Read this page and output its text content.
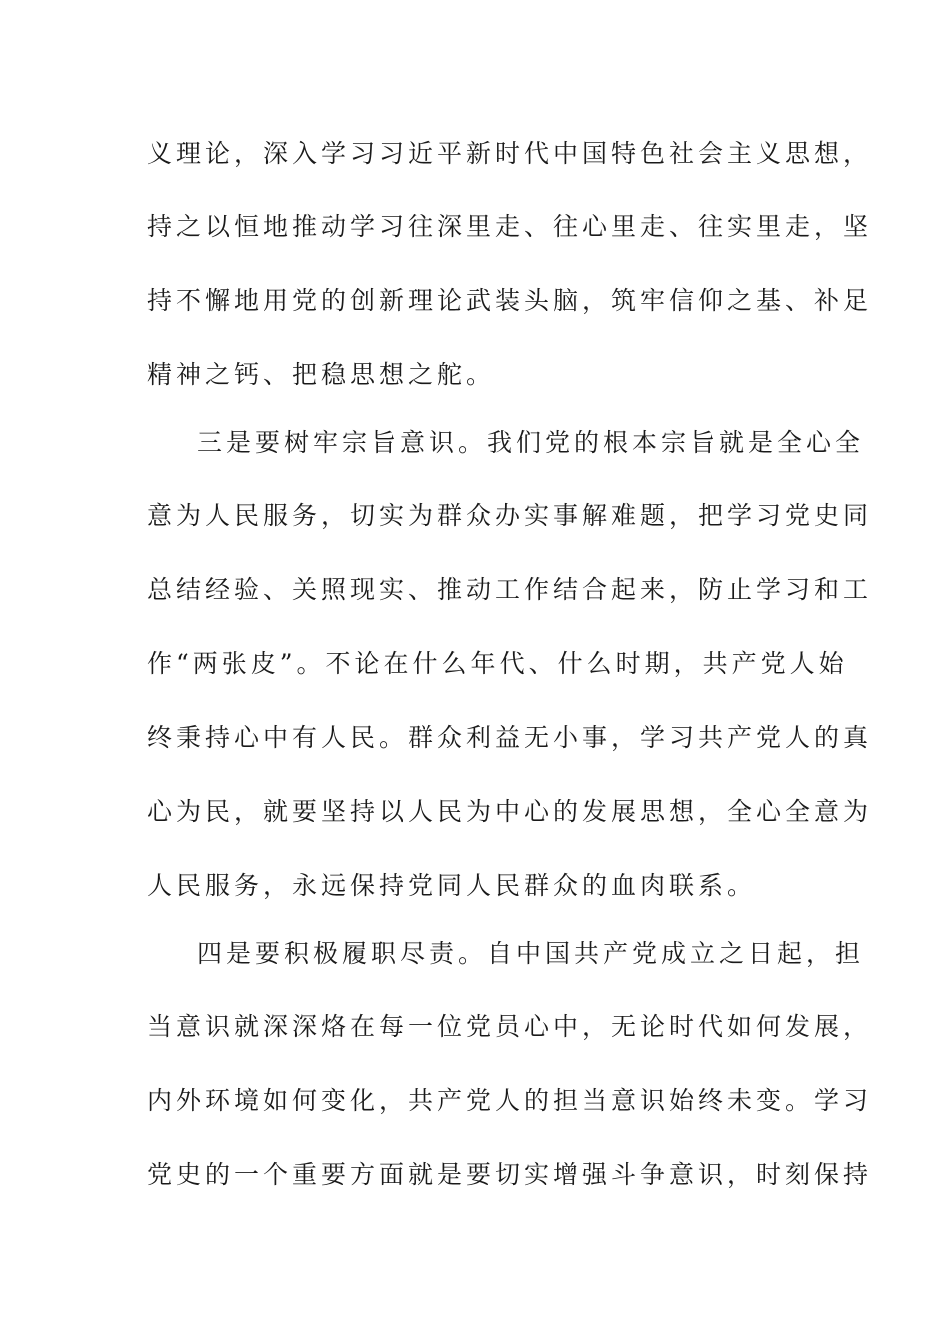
义理论，深入学习习近平新时代中国特色社会主义思想，
持之以恒地推动学习往深里走、往心里走、往实里走，坚
持不懈地用党的创新理论武装头脑，筑牢信仰之基、补足
精神之钙、把稳思想之舵。
三是要树牢宗旨意识。我们党的根本宗旨就是全心全
意为人民服务，切实为群众办实事解难题，把学习党史同
总结经验、关照现实、推动工作结合起来，防止学习和工
作“两张皮”。不论在什么年代、什么时期，共产党人始
终秉持心中有人民。群众利益无小事，学习共产党人的真
心为民，就要坚持以人民为中心的发展思想，全心全意为
人民服务，永远保持党同人民群众的血肉联系。
四是要积极履职尽责。自中国共产党成立之日起，担
当意识就深深烙在每一位党员心中，无论时代如何发展，
内外环境如何变化，共产党人的担当意识始终未变。学习
党史的一个重要方面就是要切实增强斗争意识，时刻保持
